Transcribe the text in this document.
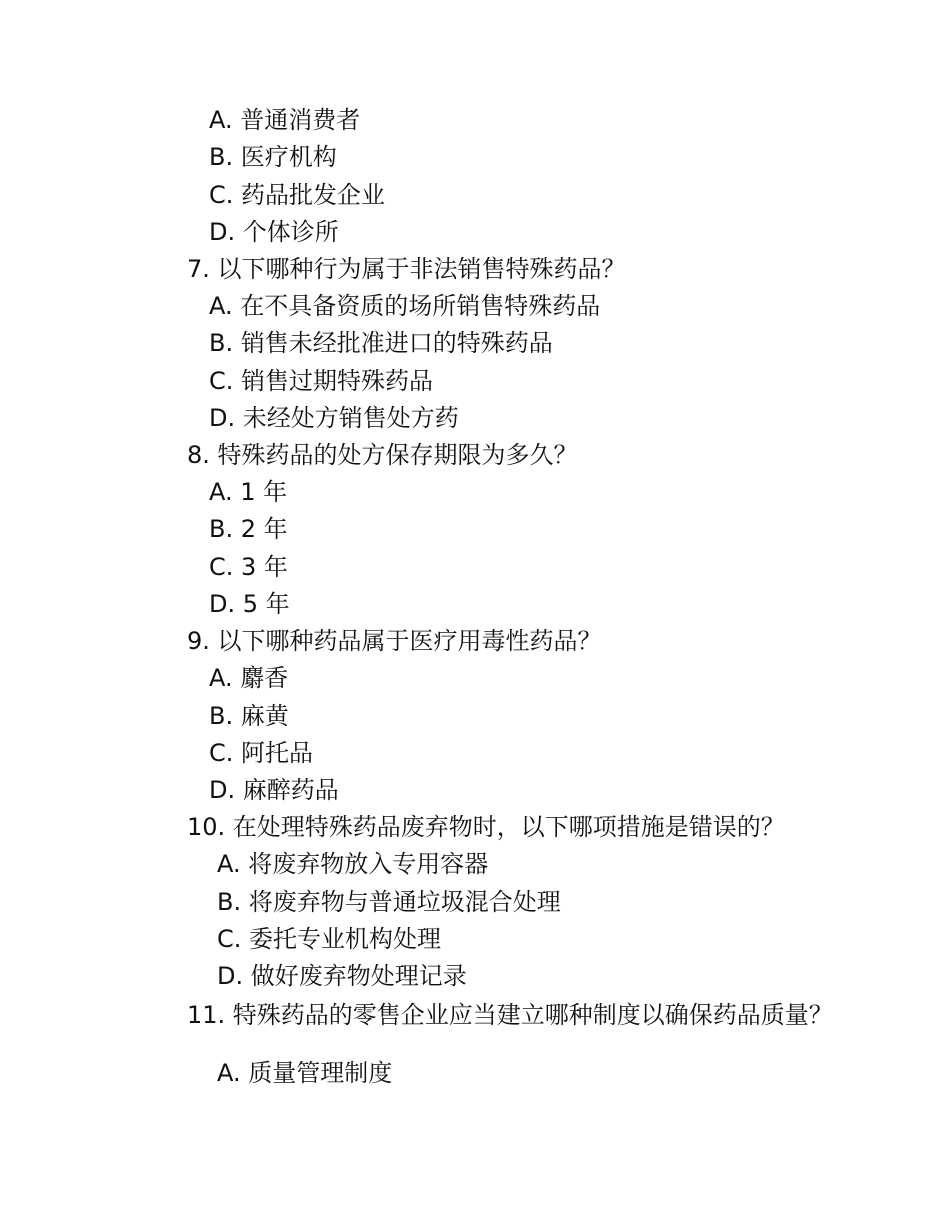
A. 普通消费者
B. 医疗机构
C. 药品批发企业
D. 个体诊所
7. 以下哪种行为属于非法销售特殊药品？
A. 在不具备资质的场所销售特殊药品
B. 销售未经批准进口的特殊药品
C. 销售过期特殊药品
D. 未经处方销售处方药
8. 特殊药品的处方保存期限为多久？
A. 1 年
B. 2 年
C. 3 年
D. 5 年
9. 以下哪种药品属于医疗用毒性药品？
A. 麝香
B. 麻黄
C. 阿托品
D. 麻醉药品
10. 在处理特殊药品废弃物时，以下哪项措施是错误的？
A. 将废弃物放入专用容器
B. 将废弃物与普通垃圾混合处理
C. 委托专业机构处理
D. 做好废弃物处理记录
11. 特殊药品的零售企业应当建立哪种制度以确保药品质量？
A. 质量管理制度
